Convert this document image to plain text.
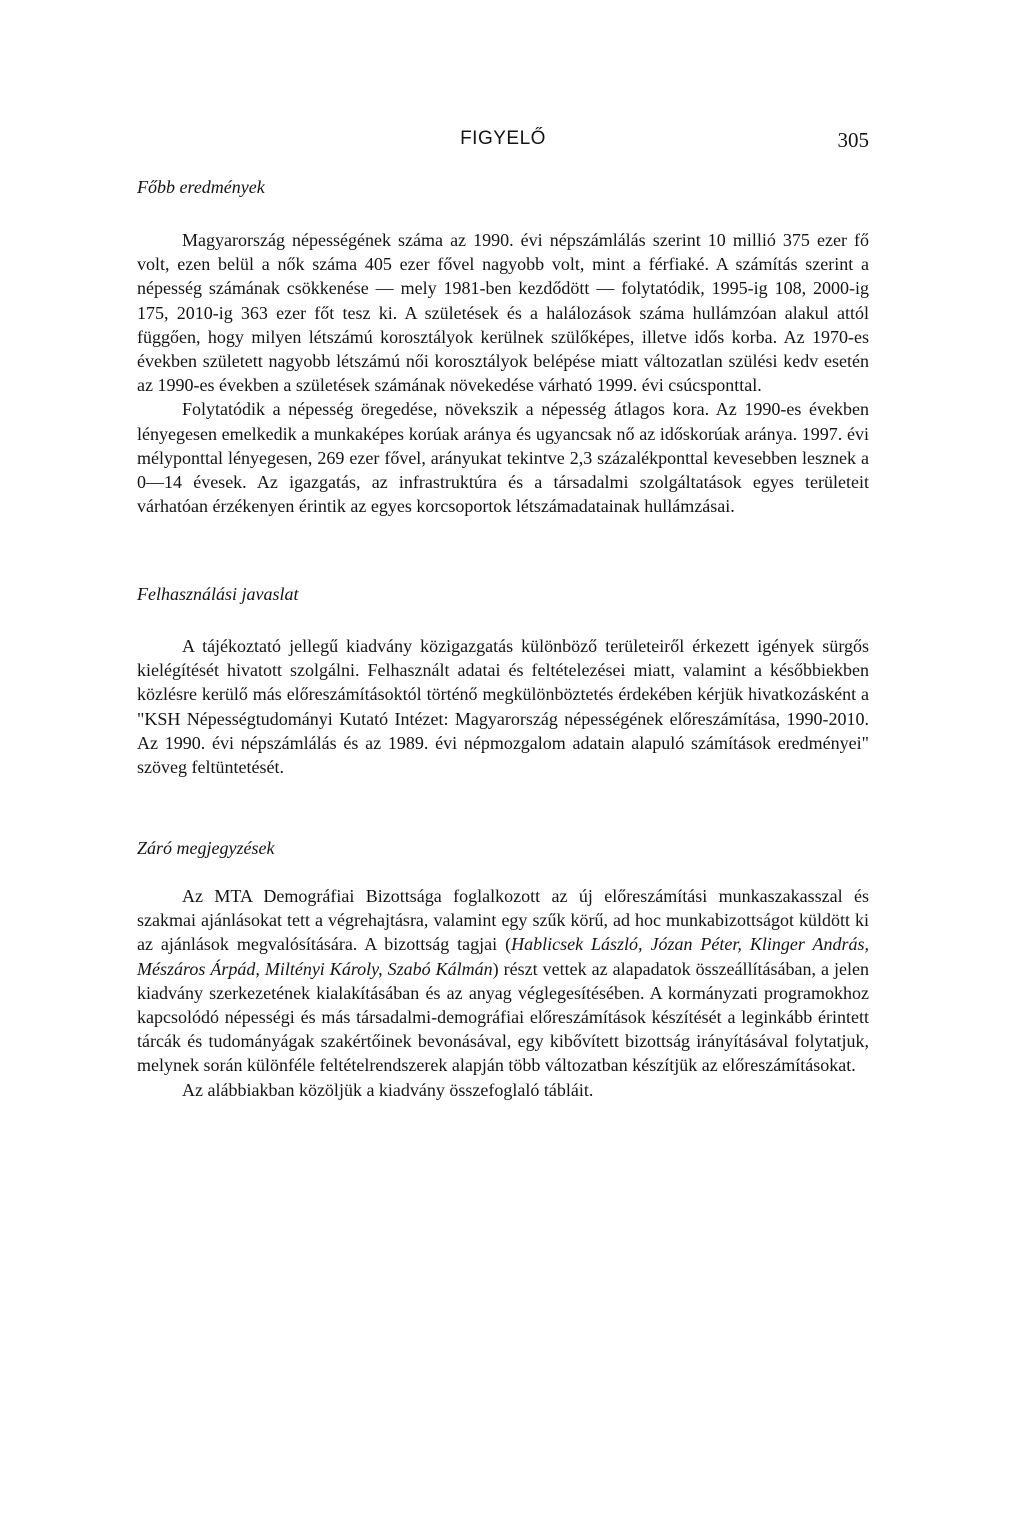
FIGYELŐ	305
Főbb eredmények

Magyarország népességének száma az 1990. évi népszámlálás szerint 10 millió 375 ezer fő volt, ezen belül a nők száma 405 ezer fővel nagyobb volt, mint a férfiaké. A számítás szerint a népesség számának csökkenése — mely 1981-ben kezdődött — folytatódik, 1995-ig 108, 2000-ig 175, 2010-ig 363 ezer főt tesz ki. A születések és a halálozások száma hullámzóan alakul attól függően, hogy milyen létszámú korosztályok kerülnek szülőképes, illetve idős korba. Az 1970-es években született nagyobb létszámú női korosztályok belépése miatt változatlan szülési kedv esetén az 1990-es években a születések számának növekedése várható 1999. évi csúcsponttal.

Folytatódik a népesség öregedése, növekszik a népesség átlagos kora. Az 1990-es években lényegesen emelkedik a munkaképes korúak aránya és ugyancsak nő az időskorúak aránya. 1997. évi mélyponttal lényegesen, 269 ezer fővel, arányukat tekintve 2,3 százalékponttal kevesebben lesznek a 0—14 évesek. Az igazgatás, az infrastruktúra és a társadalmi szolgáltatások egyes területeit várhatóan érzékenyen érintik az egyes korcsoportok létszámadatainak hullámzásai.

Felhasználási javaslat

A tájékoztató jellegű kiadvány közigazgatás különböző területeiről érkezett igények sürgős kielégítését hivatott szolgálni. Felhasznált adatai és feltételezései miatt, valamint a későbbiekben közlésre kerülő más előreszámításoktól történő megkülönböztetés érdekében kérjük hivatkozásként a "KSH Népességtudományi Kutató Intézet: Magyarország népességének előreszámítása, 1990-2010. Az 1990. évi népszámlálás és az 1989. évi népmozgalom adatain alapuló számítások eredményei" szöveg feltüntetését.

Záró megjegyzések

Az MTA Demográfiai Bizottsága foglalkozott az új előreszámítási munkaszakasszal és szakmai ajánlásokat tett a végrehajtásra, valamint egy szűk körű, ad hoc munkabizottságot küldött ki az ajánlások megvalósítására. A bizottság tagjai (Hablicsek László, Józan Péter, Klinger András, Mészáros Árpád, Miltényi Károly, Szabó Kálmán) részt vettek az alapadatok összeállításában, a jelen kiadvány szerkezetének kialakításában és az anyag véglegesítésében. A kormányzati programokhoz kapcsolódó népességi és más társadalmi-demográfiai előreszámítások készítését a leginkább érintett tárcák és tudományágak szakértőinek bevonásával, egy kibővített bizottság irányításával folytatjuk, melynek során különféle feltételrendszerek alapján több változatban készítjük az előreszámításokat.

Az alábbiakban közöljük a kiadvány összefoglaló tábláit.
